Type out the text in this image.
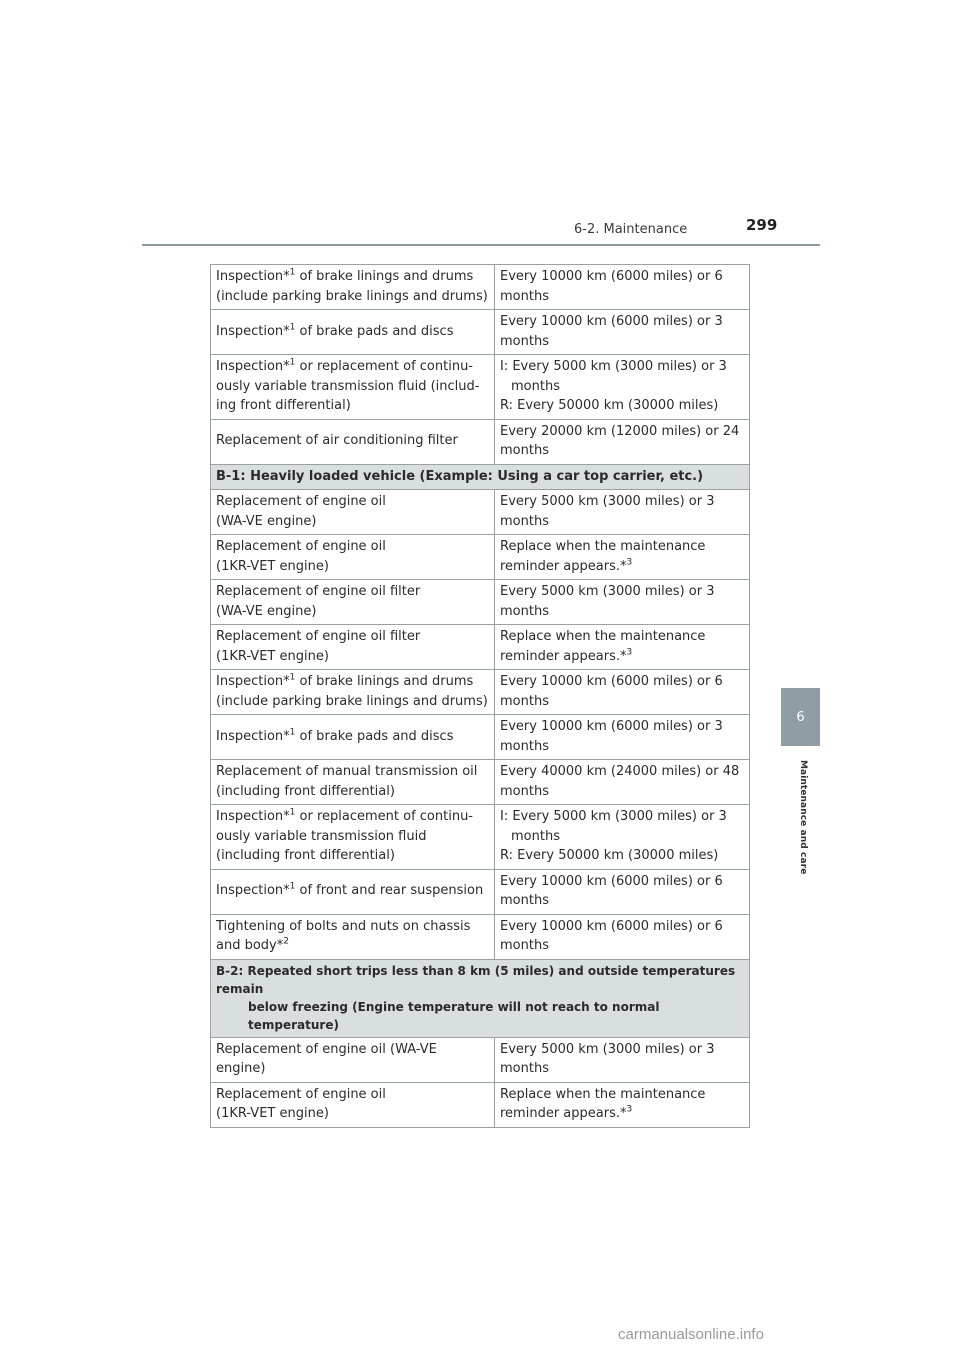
6-2. Maintenance	299
6
Maintenance and care
Inspection*$^1$ of brake linings and drums
(include parking brake linings and drums)	Every 10000 km (6000 miles) or 6
months

Inspection*$^1$ of brake pads and discs	Every 10000 km (6000 miles) or 3
months

Inspection*$^1$ or replacement of continu-
ously variable transmission fluid (includ-
ing front differential)	I: Every 5000 km (3000 miles) or 3
months
R: Every 50000 km (30000 miles)

Replacement of air conditioning filter	Every 20000 km (12000 miles) or 24
months

B-1: Heavily loaded vehicle (Example: Using a car top carrier, etc.)	

Replacement of engine oil
(WA-VE engine)	Every 5000 km (3000 miles) or 3
months

Replacement of engine oil
(1KR-VET engine)	Replace when the maintenance
reminder appears.*$^3$

Replacement of engine oil filter
(WA-VE engine)	Every 5000 km (3000 miles) or 3
months

Replacement of engine oil filter
(1KR-VET engine)	Replace when the maintenance
reminder appears.*$^3$

Inspection*$^1$ of brake linings and drums
(include parking brake linings and drums)	Every 10000 km (6000 miles) or 6
months

Inspection*$^1$ of brake pads and discs	Every 10000 km (6000 miles) or 3
months

Replacement of manual transmission oil
(including front differential)	Every 40000 km (24000 miles) or 48
months

Inspection*$^1$ or replacement of continu-
ously variable transmission fluid
(including front differential)	I: Every 5000 km (3000 miles) or 3
months
R: Every 50000 km (30000 miles)

Inspection*$^1$ of front and rear suspension	Every 10000 km (6000 miles) or 6
months

Tightening of bolts and nuts on chassis
and body*$^2$	Every 10000 km (6000 miles) or 6
months

B-2: Repeated short trips less than 8 km (5 miles) and outside temperatures remain
below freezing (Engine temperature will not reach to normal temperature)	

Replacement of engine oil (WA-VE engine)	Every 5000 km (3000 miles) or 3
months

Replacement of engine oil
(1KR-VET engine)	Replace when the maintenance
reminder appears.*$^3$
carmanualsonline.info
